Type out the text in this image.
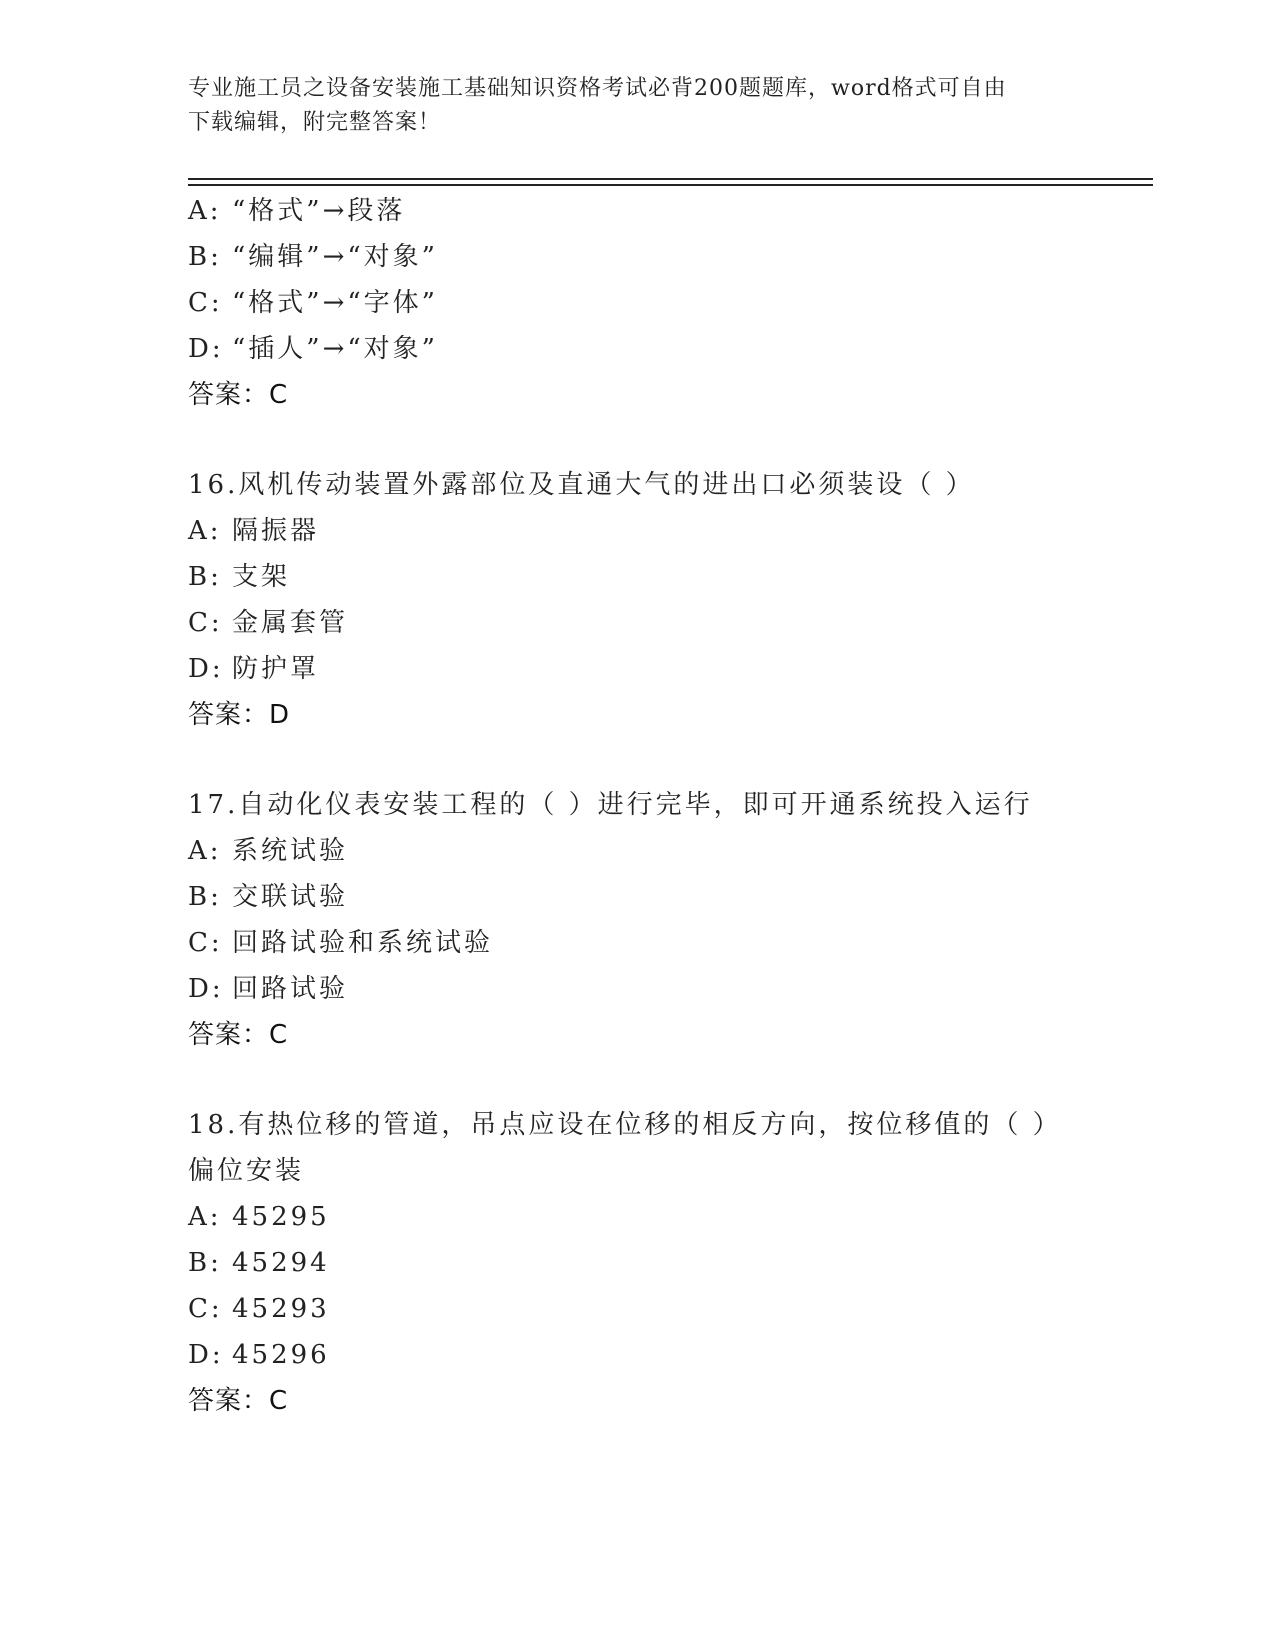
专业施工员之设备安装施工基础知识资格考试必背200题题库，word格式可自由
下载编辑，附完整答案！
A: “格式”→段落
B: “编辑”→“对象”
C: “格式”→“字体”
D: “插人”→“对象”
答案：C
16.风机传动装置外露部位及直通大气的进出口必须装设（ ）
A: 隔振器
B: 支架
C: 金属套管
D: 防护罩
答案：D
17.自动化仪表安装工程的（ ）进行完毕，即可开通系统投入运行
A: 系统试验
B: 交联试验
C: 回路试验和系统试验
D: 回路试验
答案：C
18.有热位移的管道，吊点应设在位移的相反方向，按位移值的（ ）偏位安装
A: 45295
B: 45294
C: 45293
D: 45296
答案：C
